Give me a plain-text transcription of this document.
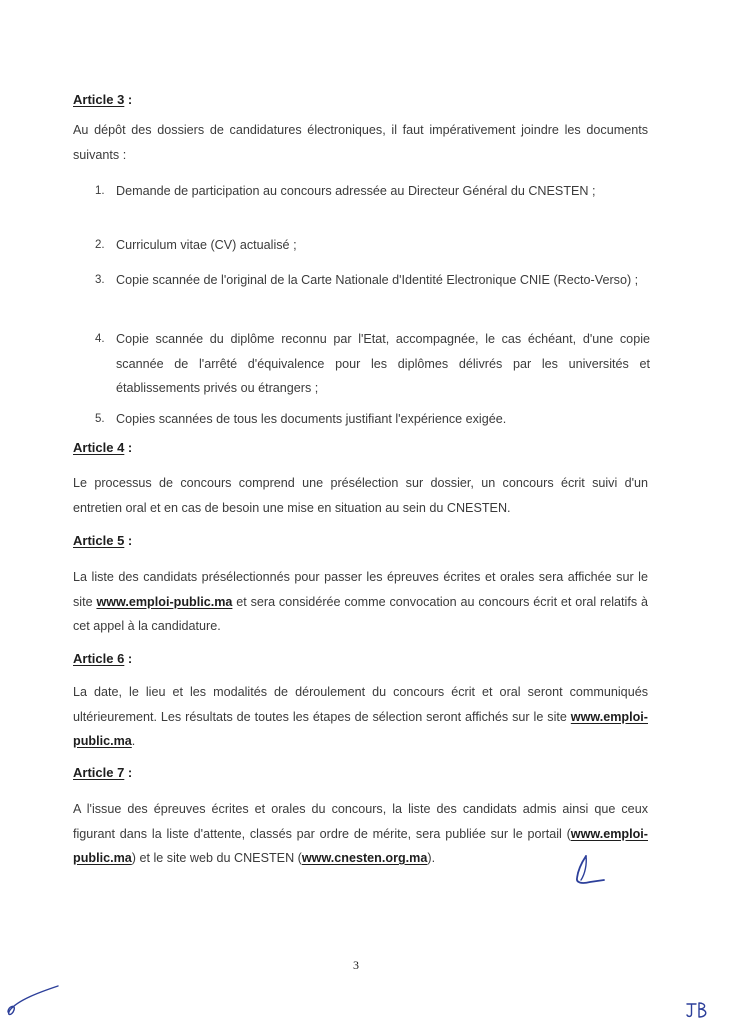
Article 3 :
Au dépôt des dossiers de candidatures électroniques, il faut impérativement joindre les documents suivants :
1. Demande de participation au concours adressée au Directeur Général du CNESTEN ;
2. Curriculum vitae (CV) actualisé ;
3. Copie scannée de l'original de la Carte Nationale d'Identité Electronique CNIE (Recto-Verso) ;
4. Copie scannée du diplôme reconnu par l'Etat, accompagnée, le cas échéant, d'une copie scannée de l'arrêté d'équivalence pour les diplômes délivrés par les universités et établissements privés ou étrangers ;
5. Copies scannées de tous les documents justifiant l'expérience exigée.
Article 4 :
Le processus de concours comprend une présélection sur dossier, un concours écrit suivi d'un entretien oral et en cas de besoin une mise en situation au sein du CNESTEN.
Article 5 :
La liste des candidats présélectionnés pour passer les épreuves écrites et orales sera affichée sur le site www.emploi-public.ma et sera considérée comme convocation au concours écrit et oral relatifs à cet appel à la candidature.
Article 6 :
La date, le lieu et les modalités de déroulement du concours écrit et oral seront communiqués ultérieurement. Les résultats de toutes les étapes de sélection seront affichés sur le site www.emploi-public.ma.
Article 7 :
A l'issue des épreuves écrites et orales du concours, la liste des candidats admis ainsi que ceux figurant dans la liste d'attente, classés par ordre de mérite, sera publiée sur le portail (www.emploi-public.ma) et le site web du CNESTEN (www.cnesten.org.ma).
3
